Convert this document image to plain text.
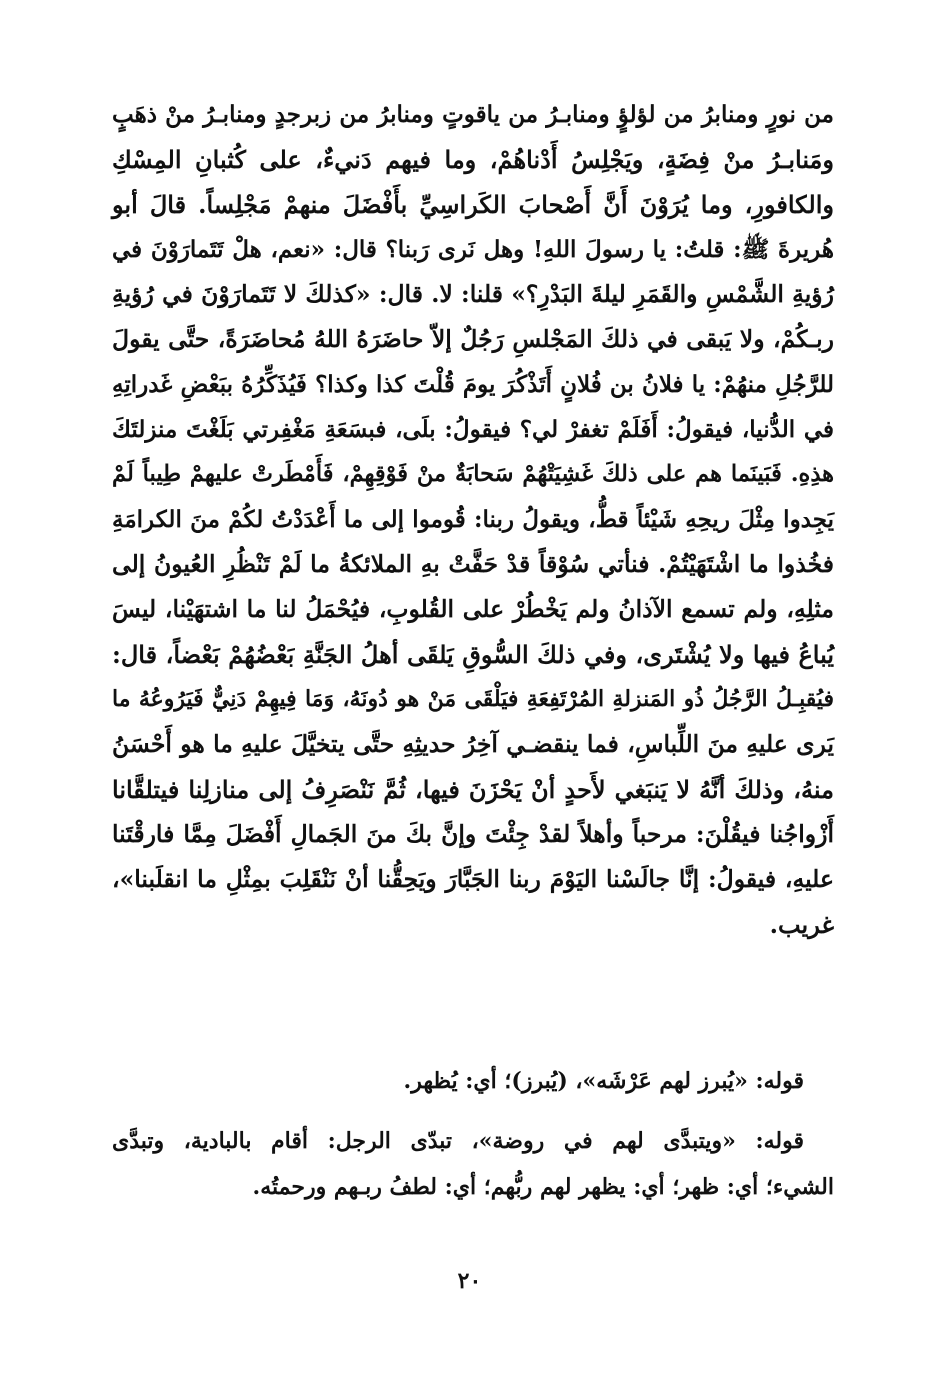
من نورٍ ومنابرُ من لؤلؤٍ ومنابـرُ من ياقوتٍ ومنابرُ من زبرجدٍ ومنابـرُ منْ ذهَبٍ
ومَنابـرُ منْ فِضَةٍ، ويَجْلِسُ أَدْناهُمْ، وما فيهم دَنيءٌ، على كُثبانِ المِسْكِ
والكافورِ، وما يُرَوْنَ أَنَّ أَصْحابَ الكَراسِيِّ بأَفْضَلَ منهمْ مَجْلِساً. قالَ أبو
هُريرةَ ﷺ: قلتُ: يا رسولَ اللهِ! وهل نَرى رَبنا؟ قال: «نعم، هلْ تَتَمارَوْنَ في
رُؤيةِ الشَّمْسِ والقَمَرِ ليلةَ البَدْرِ؟» قلنا: لا. قال: «كذلكَ لا تَتَمارَوْنَ في رُؤيةِ
ربـكُمْ، ولا يَبقى في ذلكَ المَجْلسِ رَجُلٌ إلاّ حاضَرَهُ اللهُ مُحاضَرَةً، حتَّى يقولَ
للرَّجُلِ منهُمْ: يا فلانُ بن فُلانٍ أَتَذْكُرَ يومَ قُلْتَ كذا وكذا؟ فَيُذَكِّرُهُ ببَعْضِ غَدراتِهِ
في الدُّنيا، فيقولُ: أَفَلَمْ تغفرْ لي؟ فيقولُ: بلَى، فبسَعَةِ مَغْفِرتي بَلَغْتَ منزلتَكَ
هذِهِ. فَبَينَما هم على ذلكَ غَشِيَتْهُمْ سَحابَةٌ منْ فَوْقِهِمْ، فَأَمْطَرتْ عليهمْ طِيباً لَمْ
يَجِدوا مِثْلَ ريحِهِ شَيْئاً قطُّ، ويقولُ ربنا: قُوموا إلى ما أَعْدَدْتُ لكُمْ منَ الكرامَةِ
فخُذوا ما اشْتَهَيْتُمْ. فنأتي سُوْقاً قدْ حَفَّتْ بهِ الملائكةُ ما لَمْ تَنْظُرِ العُيونُ إلى
مثلِهِ، ولم تسمع الآذانُ ولم يَخْطُرْ على القُلوبِ، فيُحْمَلُ لنا ما اشتهَيْنا، ليسَ
يُباعُ فيها ولا يُشْتَرى، وفي ذلكَ السُّوقِ يَلقَى أهلُ الجَنَّةِ بَعْضُهُمْ بَعْضاً، قال:
فيُقبِـلُ الرَّجُلُ ذُو المَنزلةِ المُرْتَفِعَةِ فيَلْقَى مَنْ هو دُونَهُ، وَمَا فِيهِمْ دَنِيٌّ فَيَرُوعُهُ ما
يَرى عليهِ منَ اللِّباسِ، فما ينقضـي آخِرُ حديثِهِ حتَّى يتخيَّلَ عليهِ ما هو أَحْسَنُ
منهُ، وذلكَ أنَّهُ لا يَنبَغي لأَحدٍ أنْ يَحْزَنَ فيها، ثُمَّ نَنْصَرِفُ إلى منازلِنا فيتلقَّانا
أَزْواجُنا فيقُلْنَ: مرحباً وأهلاً لقدْ جِئْتَ وإنَّ بكَ منَ الجَمالِ أَفْضَلَ مِمَّا فارقْتَنا
عليهِ، فيقولُ: إنَّا جالَسْنا اليَوْمَ ربنا الجَبَّارَ ويَحِقُّنا أنْ نَنْقَلِبَ بمِثْلِ ما انقلَبنا»،
غريب.
قوله: «يُبرز لهم عَرْشَه»، (يُبرز)؛ أي: يُظهر.
قوله: «ويتبدَّى لهم في روضة»، تبدّى الرجل: أقام بالبادية، وتبدَّى
الشيء؛ أي: ظهر؛ أي: يظهر لهم ربُّهم؛ أي: لطفُ ربـهم ورحمتُه.
٢٠
